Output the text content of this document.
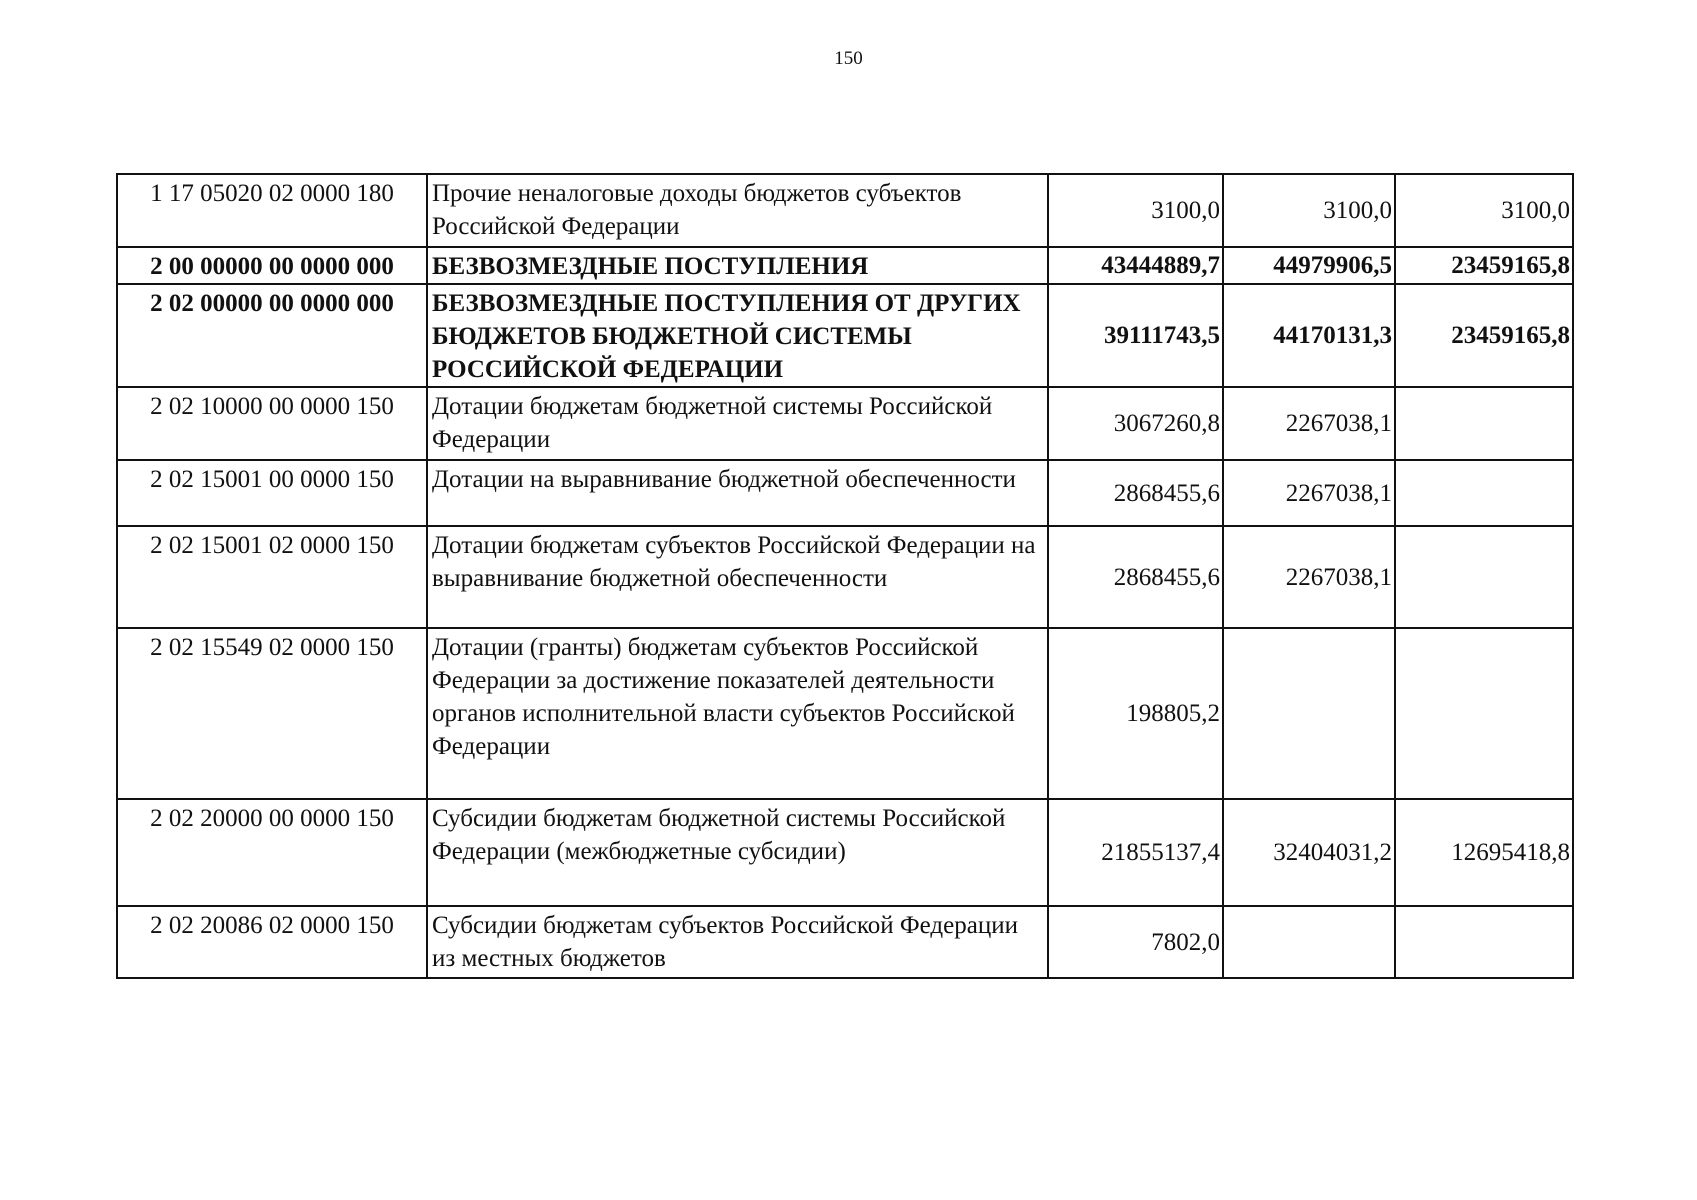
150
1 17 05020 02 0000 180	Прочие неналоговые доходы бюджетов субъектов Российской Федерации	3100,0	3100,0	3100,0
2 00 00000 00 0000 000	БЕЗВОЗМЕЗДНЫЕ ПОСТУПЛЕНИЯ	43444889,7	44979906,5	23459165,8
2 02 00000 00 0000 000	БЕЗВОЗМЕЗДНЫЕ ПОСТУПЛЕНИЯ ОТ ДРУГИХ БЮДЖЕТОВ БЮДЖЕТНОЙ СИСТЕМЫ РОССИЙСКОЙ ФЕДЕРАЦИИ	39111743,5	44170131,3	23459165,8
2 02 10000 00 0000 150	Дотации бюджетам бюджетной системы Российской Федерации	3067260,8	2267038,1	
2 02 15001 00 0000 150	Дотации на выравнивание бюджетной обеспеченности	2868455,6	2267038,1	
2 02 15001 02 0000 150	Дотации бюджетам субъектов Российской Федерации на выравнивание бюджетной обеспеченности	2868455,6	2267038,1	
2 02 15549 02 0000 150	Дотации (гранты) бюджетам субъектов Российской Федерации за достижение показателей деятельности органов исполнительной власти субъектов Российской Федерации	198805,2		
2 02 20000 00 0000 150	Субсидии бюджетам бюджетной системы Российской Федерации (межбюджетные субсидии)	21855137,4	32404031,2	12695418,8
2 02 20086 02 0000 150	Субсидии бюджетам субъектов Российской Федерации из местных бюджетов	7802,0		
